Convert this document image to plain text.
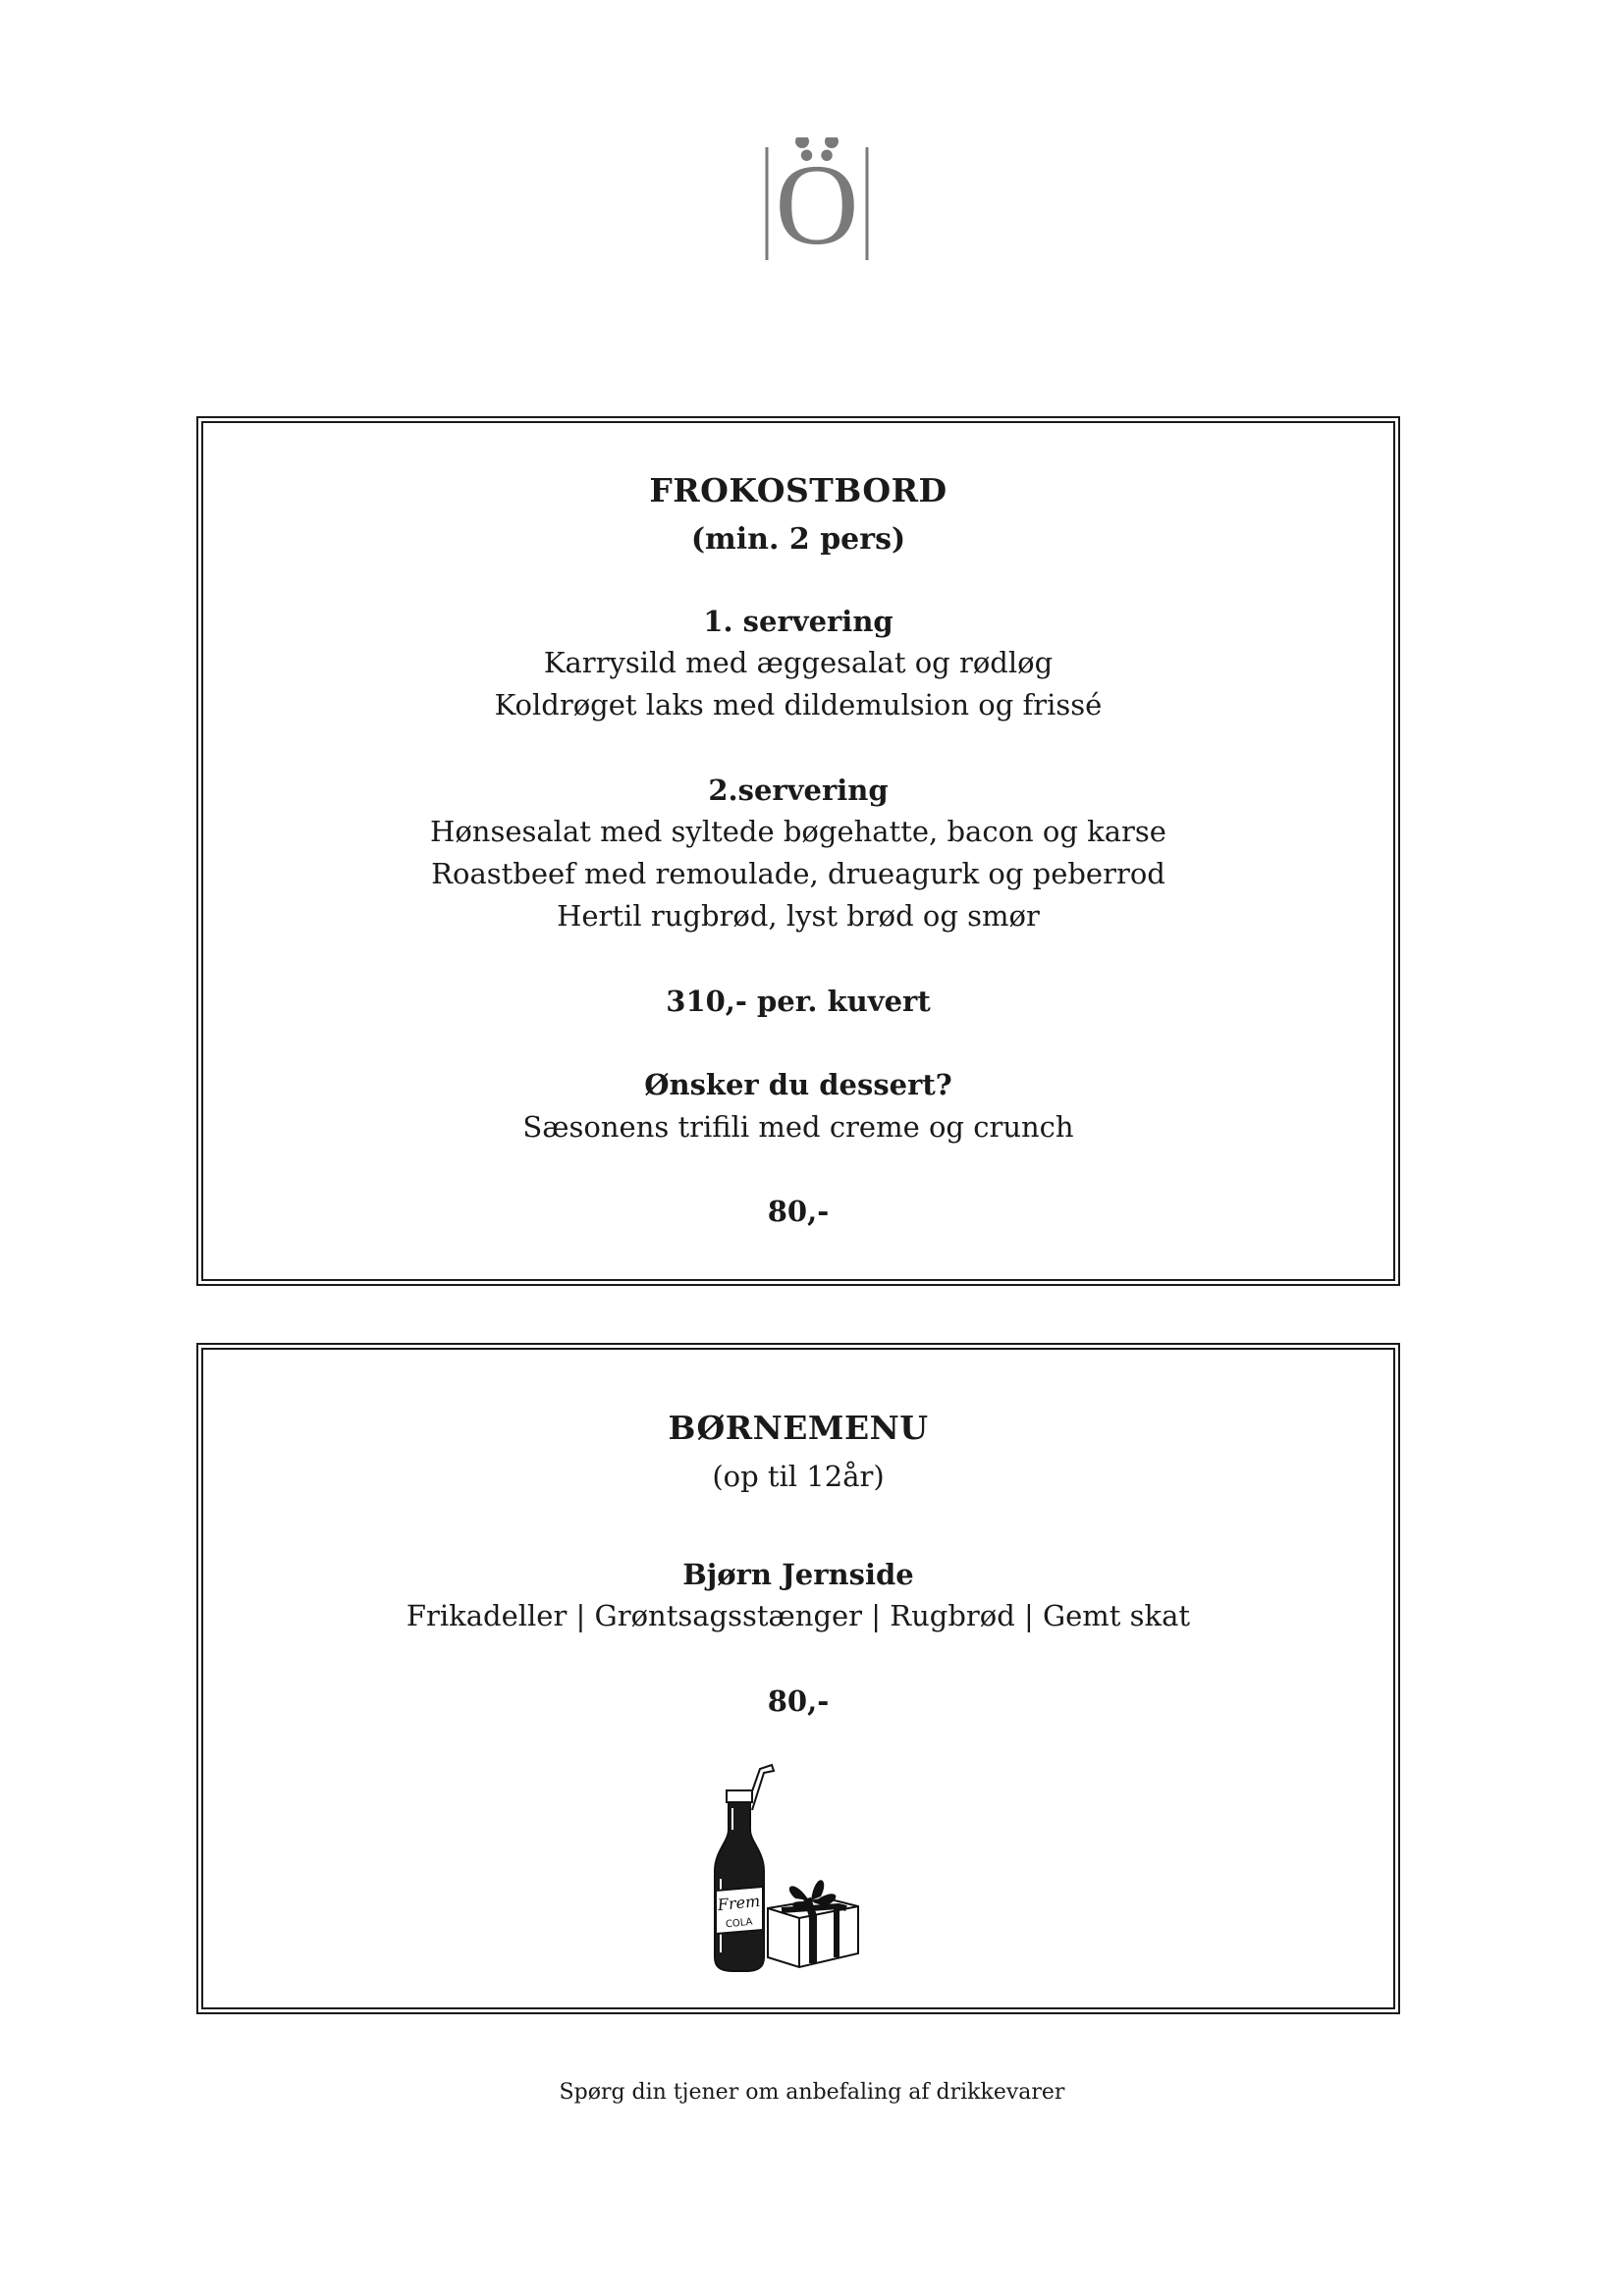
Ö
FROKOSTBORD
(min. 2 pers)
1. servering
Karrysild med æggesalat og rødløg
Koldrøget laks med dildemulsion og frissé
2.servering
Hønsesalat med syltede bøgehatte, bacon og karse
Roastbeef med remoulade, drueagurk og peberrod
Hertil rugbrød, lyst brød og smør
310,- per. kuvert
Ønsker du dessert?
Sæsonens trifili med creme og crunch
80,-
BØRNEMENU
(op til 12år)
Bjørn Jernside
Frikadeller | Grøntsagsstænger | Rugbrød | Gemt skat
80,-
Frem
COLA
Spørg din tjener om anbefaling af drikkevarer
